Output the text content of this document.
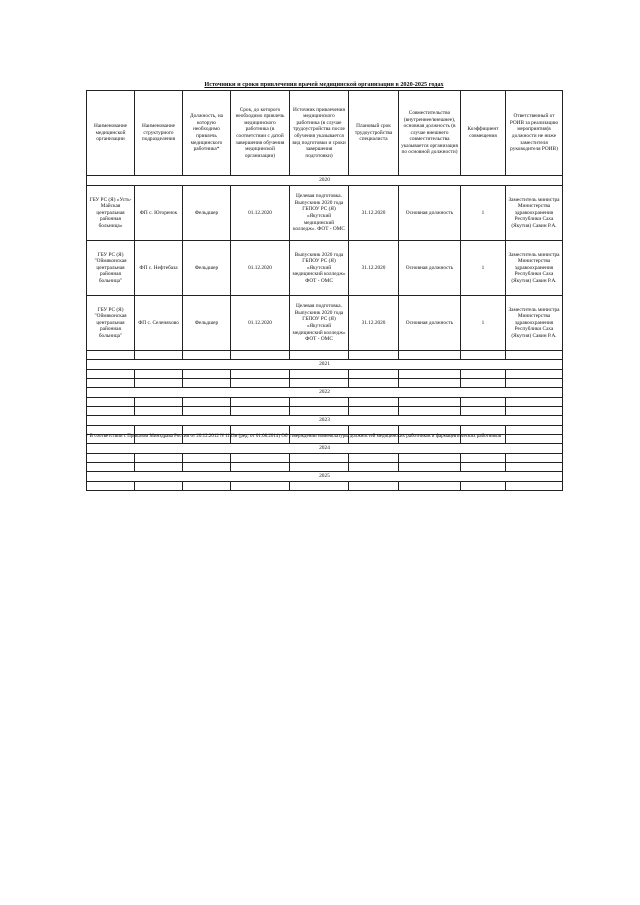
Источники и сроки привлечения врачей медицинской организации в 2020-2025 годах
Наименование медицинской организации	Наименование структурного подразделения	Должность, на которую необходимо привлечь медицинского работника*	Срок, до которого необходимо привлечь медицинского работника (в соответствии с датой завершения обучения медицинской организации)	Источник привлечения медицинского работника (в случае трудоустройства после обучения указывается вид подготовки и сроки завершения подготовки)	Плановый срок трудоустройства специалиста	Совместительство (внутреннее/внешнее), основная должность (в случае внешнего совместительства указывается организация по основной должности)	Коэффициент совмещения	Ответственный от РОИВ за реализацию мероприятия(в должности не ниже заместителя руководителя РОИВ)
2020								
ГБУ РС (Я) «Усть-Майская центральная районная больница»	ФП с. Югоренок	Фельдшер	01.12.2020	Целевая подготовка. Выпускник 2020 года ГБПОУ РС (Я) «Якутский медицинский колледж». ФОТ - ОМС	31.12.2020	Основная должность	1	Заместитель министра Министерства здравоохранения Республики Саха (Якутия) Савин Р.А.
ГБУ РС (Я) "Оймяконская центральная районная больница"	ФП с. Нефтебаза	Фельдшер	01.12.2020	Выпускник 2020 года ГБПОУ РС (Я) «Якутский медицинский колледж» ФОТ - ОМС	31.12.2020	Основная должность	1	Заместитель министра Министерства здравоохранения Республики Саха (Якутия) Савин Р.А.
ГБУ РС (Я) "Оймяконская центральная районная больница"	ФП с. Селеняхово	Фельдшер	01.12.2020	Целевая подготовка. Выпускник 2020 года ГБПОУ РС (Я) «Якутский медицинский колледж» ФОТ - ОМС	31.12.2020	Основная должность	1	Заместитель министра Министерства здравоохранения Республики Саха (Якутия) Савин Р.А.

2021								

2022								

2023								

2024								

2025								

* В соответствии с Приказом Минздрава России от 20.12.2012 N 1183н (ред. от 01.08.2014) Об утверждении номенклатуры должностей медицинских работников и фармацевтических работников
